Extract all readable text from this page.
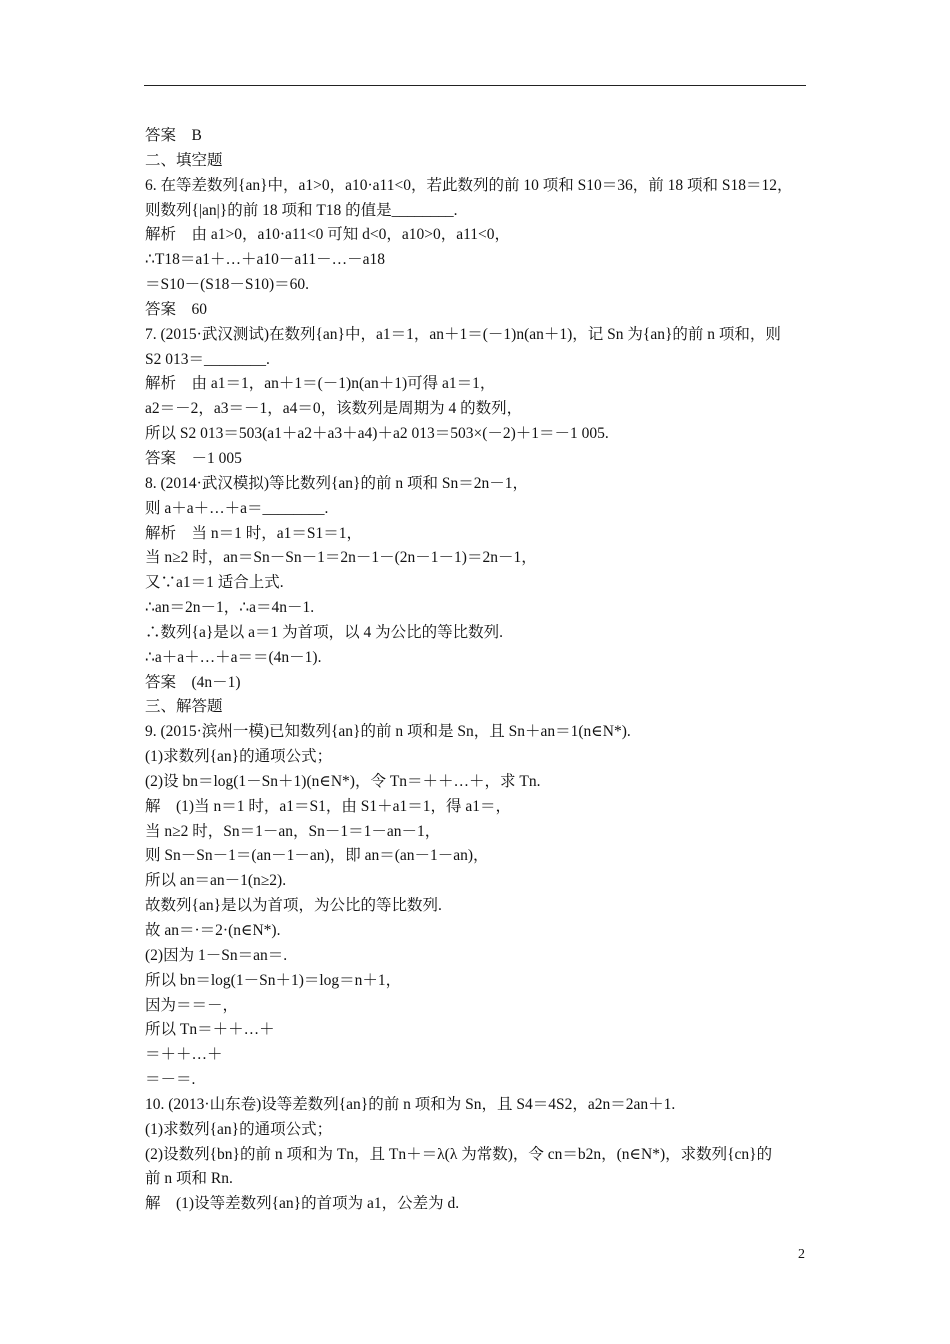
答案　B
二、填空题
6. 在等差数列{an}中，a1>0，a10·a11<0，若此数列的前 10 项和 S10＝36，前 18 项和 S18＝12，
则数列{|an|}的前 18 项和 T18 的值是________.
解析　由 a1>0，a10·a11<0 可知 d<0，a10>0，a11<0，
∴T18＝a1＋…＋a10－a11－…－a18
＝S10－(S18－S10)＝60.
答案　60
7. (2015·武汉测试)在数列{an}中，a1＝1，an＋1＝(－1)n(an＋1)，记 Sn 为{an}的前 n 项和，则
S2 013＝________.
解析　由 a1＝1，an＋1＝(－1)n(an＋1)可得 a1＝1，
a2＝－2，a3＝－1，a4＝0，该数列是周期为 4 的数列，
所以 S2 013＝503(a1＋a2＋a3＋a4)＋a2 013＝503×(－2)＋1＝－1 005.
答案　－1 005
8. (2014·武汉模拟)等比数列{an}的前 n 项和 Sn＝2n－1，
则 a＋a＋…＋a＝________.
解析　当 n＝1 时，a1＝S1＝1，
当 n≥2 时，an＝Sn－Sn－1＝2n－1－(2n－1－1)＝2n－1，
又∵a1＝1 适合上式.
∴an＝2n－1，∴a＝4n－1.
∴数列{a}是以 a＝1 为首项，以 4 为公比的等比数列.
∴a＋a＋…＋a＝＝(4n－1).
答案　(4n－1)
三、解答题
9. (2015·滨州一模)已知数列{an}的前 n 项和是 Sn，且 Sn＋an＝1(n∈N*).
(1)求数列{an}的通项公式；
(2)设 bn＝log(1－Sn＋1)(n∈N*)，令 Tn＝＋＋…＋，求 Tn.
解　(1)当 n＝1 时，a1＝S1，由 S1＋a1＝1，得 a1＝，
当 n≥2 时，Sn＝1－an，Sn－1＝1－an－1，
则 Sn－Sn－1＝(an－1－an)，即 an＝(an－1－an)，
所以 an＝an－1(n≥2).
故数列{an}是以为首项，为公比的等比数列.
故 an＝·＝2·(n∈N*).
(2)因为 1－Sn＝an＝.
所以 bn＝log(1－Sn＋1)＝log＝n＋1，
因为＝＝－，
所以 Tn＝＋＋…＋
＝＋＋…＋
＝－＝.
10. (2013·山东卷)设等差数列{an}的前 n 项和为 Sn，且 S4＝4S2，a2n＝2an＋1.
(1)求数列{an}的通项公式；
(2)设数列{bn}的前 n 项和为 Tn，且 Tn＋＝λ(λ 为常数)，令 cn＝b2n，(n∈N*)，求数列{cn}的
前 n 项和 Rn.
解　(1)设等差数列{an}的首项为 a1，公差为 d.
2
